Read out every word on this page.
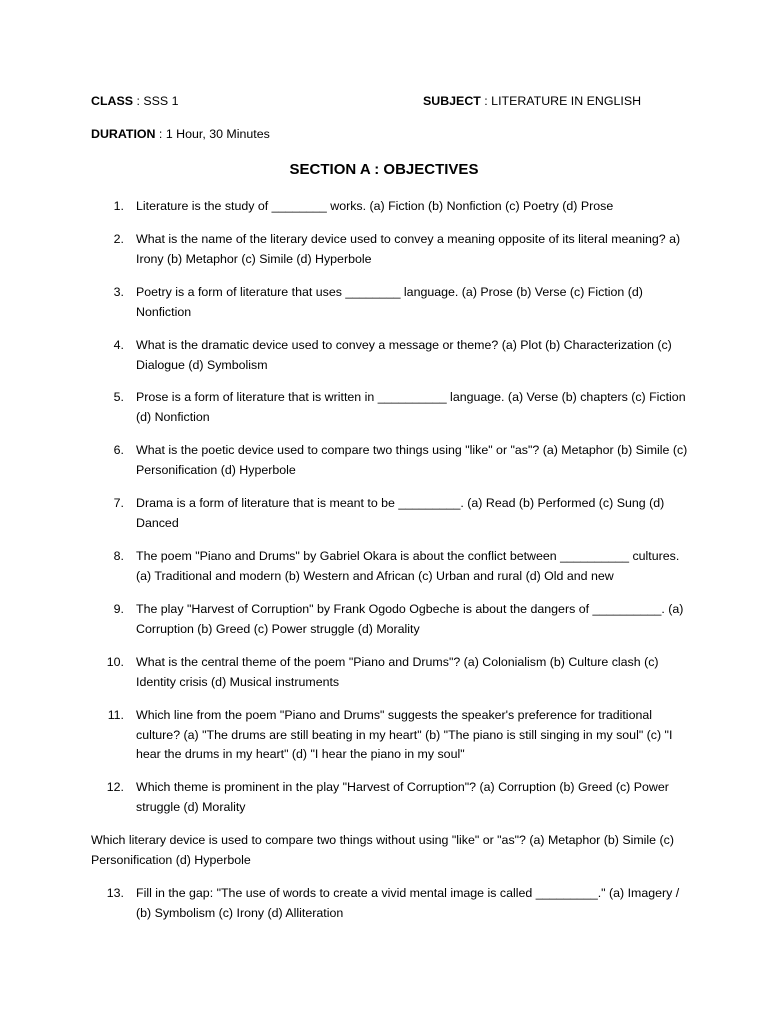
CLASS : SSS 1	SUBJECT : LITERATURE IN ENGLISH
DURATION : 1 Hour, 30 Minutes
SECTION A : OBJECTIVES
1. Literature is the study of ________ works. (a) Fiction (b) Nonfiction (c) Poetry (d) Prose
2. What is the name of the literary device used to convey a meaning opposite of its literal meaning? a) Irony (b) Metaphor (c) Simile (d) Hyperbole
3. Poetry is a form of literature that uses ________ language. (a) Prose (b) Verse (c) Fiction (d) Nonfiction
4. What is the dramatic device used to convey a message or theme? (a) Plot (b) Characterization (c) Dialogue (d) Symbolism
5. Prose is a form of literature that is written in __________ language. (a) Verse (b) chapters (c) Fiction (d) Nonfiction
6. What is the poetic device used to compare two things using "like" or "as"? (a) Metaphor (b) Simile (c) Personification (d) Hyperbole
7. Drama is a form of literature that is meant to be _________. (a) Read (b) Performed (c) Sung (d) Danced
8. The poem "Piano and Drums" by Gabriel Okara is about the conflict between __________ cultures. (a) Traditional and modern (b) Western and African (c) Urban and rural (d) Old and new
9. The play "Harvest of Corruption" by Frank Ogodo Ogbeche is about the dangers of __________. (a) Corruption (b) Greed (c) Power struggle (d) Morality
10. What is the central theme of the poem "Piano and Drums"? (a) Colonialism (b) Culture clash (c) Identity crisis (d) Musical instruments
11. Which line from the poem "Piano and Drums" suggests the speaker's preference for traditional culture? (a) "The drums are still beating in my heart" (b) "The piano is still singing in my soul" (c) "I hear the drums in my heart" (d) "I hear the piano in my soul"
12. Which theme is prominent in the play "Harvest of Corruption"? (a) Corruption (b) Greed (c) Power struggle (d) Morality
Which literary device is used to compare two things without using "like" or "as"? (a) Metaphor (b) Simile (c) Personification (d) Hyperbole
13. Fill in the gap: "The use of words to create a vivid mental image is called _________." (a) Imagery / (b) Symbolism (c) Irony (d) Alliteration
